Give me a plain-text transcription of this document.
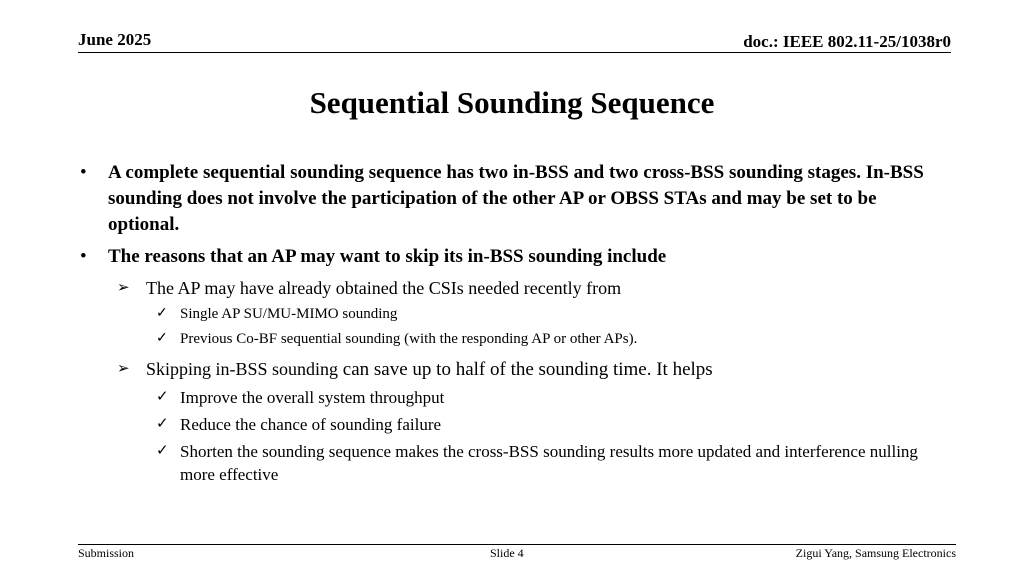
June 2025	doc.: IEEE 802.11-25/1038r0
Sequential Sounding Sequence
• A complete sequential sounding sequence has two in-BSS and two cross-BSS sounding stages. In-BSS sounding does not involve the participation of the other AP or OBSS STAs and may be set to be optional.
• The reasons that an AP may want to skip its in-BSS sounding include
➢ The AP may have already obtained the CSIs needed recently from
✓ Single AP SU/MU-MIMO sounding
✓ Previous Co-BF sequential sounding (with the responding AP or other APs).
➢ Skipping in-BSS sounding can save up to half of the sounding time. It helps
✓ Improve the overall system throughput
✓ Reduce the chance of sounding failure
✓ Shorten the sounding sequence makes the cross-BSS sounding results more updated and interference nulling more effective
Submission	Slide 4	Zigui Yang, Samsung Electronics
